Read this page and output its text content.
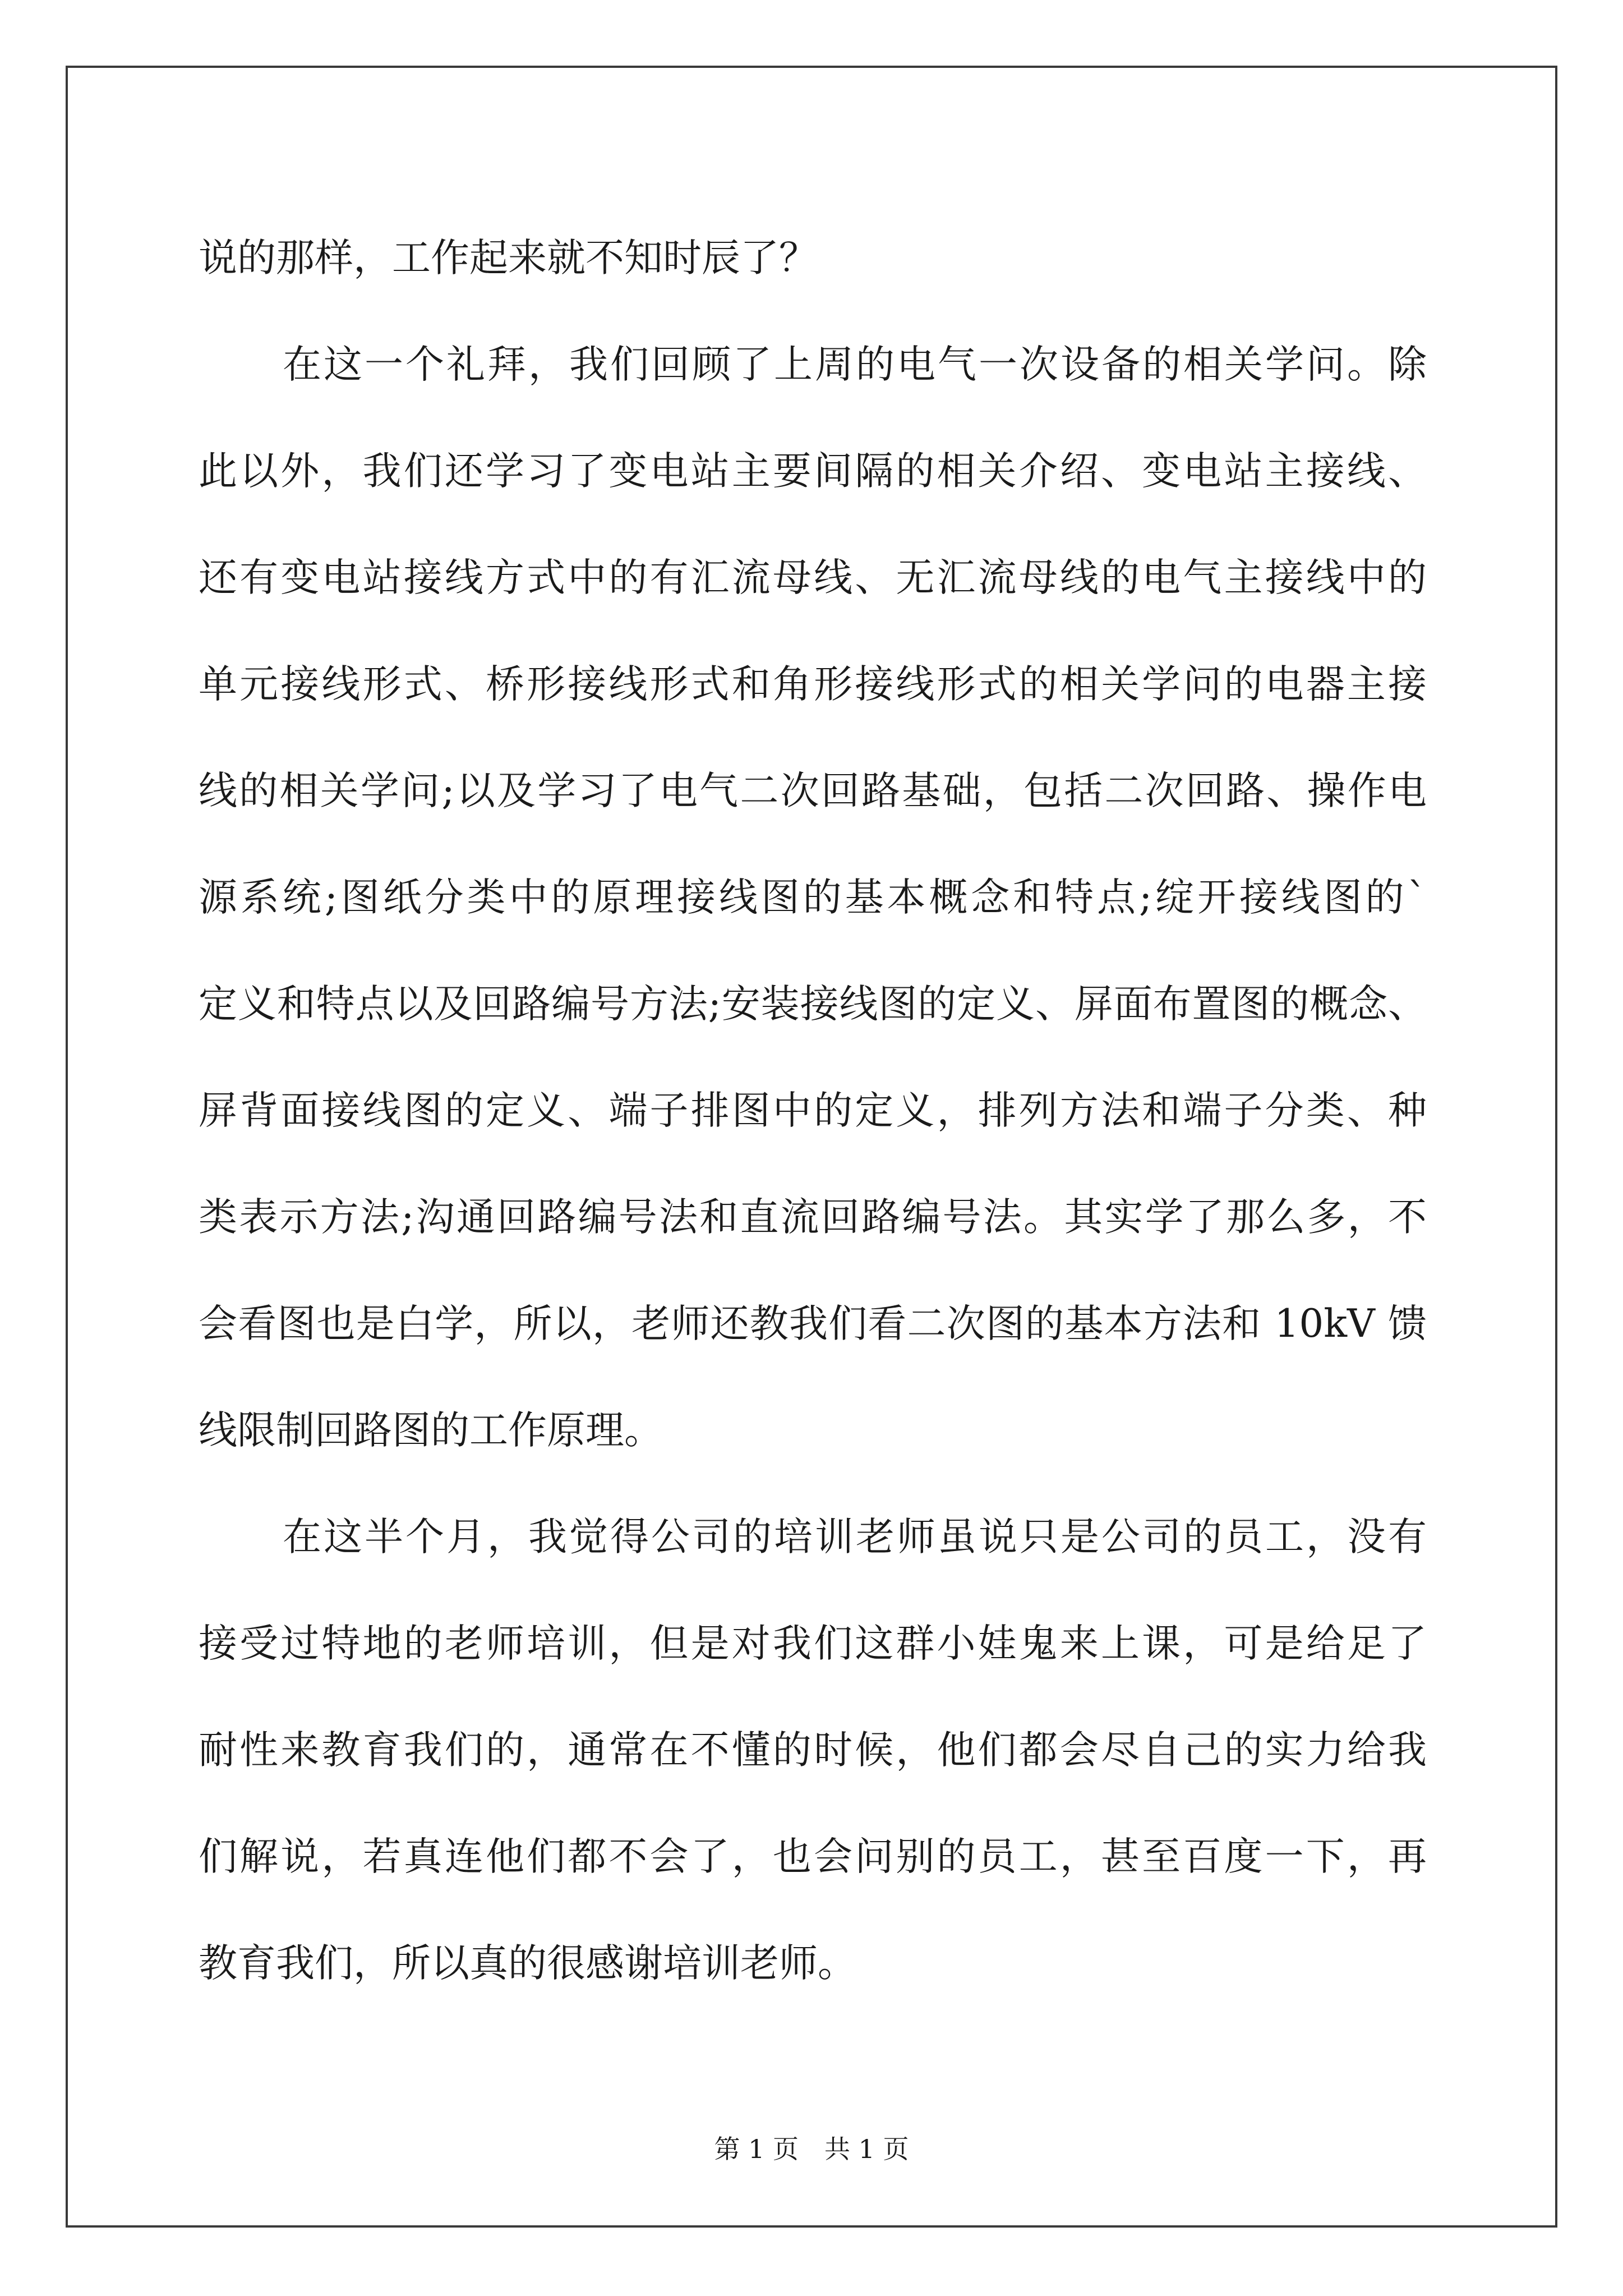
说的那样，工作起来就不知时辰了？
在这一个礼拜，我们回顾了上周的电气一次设备的相关学问。除
此以外，我们还学习了变电站主要间隔的相关介绍、变电站主接线、
还有变电站接线方式中的有汇流母线、无汇流母线的电气主接线中的
单元接线形式、桥形接线形式和角形接线形式的相关学问的电器主接
线的相关学问;以及学习了电气二次回路基础，包括二次回路、操作电
源系统;图纸分类中的原理接线图的基本概念和特点;绽开接线图的`
定义和特点以及回路编号方法;安装接线图的定义、屏面布置图的概念、
屏背面接线图的定义、端子排图中的定义，排列方法和端子分类、种
类表示方法;沟通回路编号法和直流回路编号法。其实学了那么多，不
会看图也是白学，所以，老师还教我们看二次图的基本方法和 10kV 馈
线限制回路图的工作原理。
在这半个月，我觉得公司的培训老师虽说只是公司的员工，没有
接受过特地的老师培训，但是对我们这群小娃鬼来上课，可是给足了
耐性来教育我们的，通常在不懂的时候，他们都会尽自己的实力给我
们解说，若真连他们都不会了，也会问别的员工，甚至百度一下，再
教育我们，所以真的很感谢培训老师。
第 1 页　共 1 页
